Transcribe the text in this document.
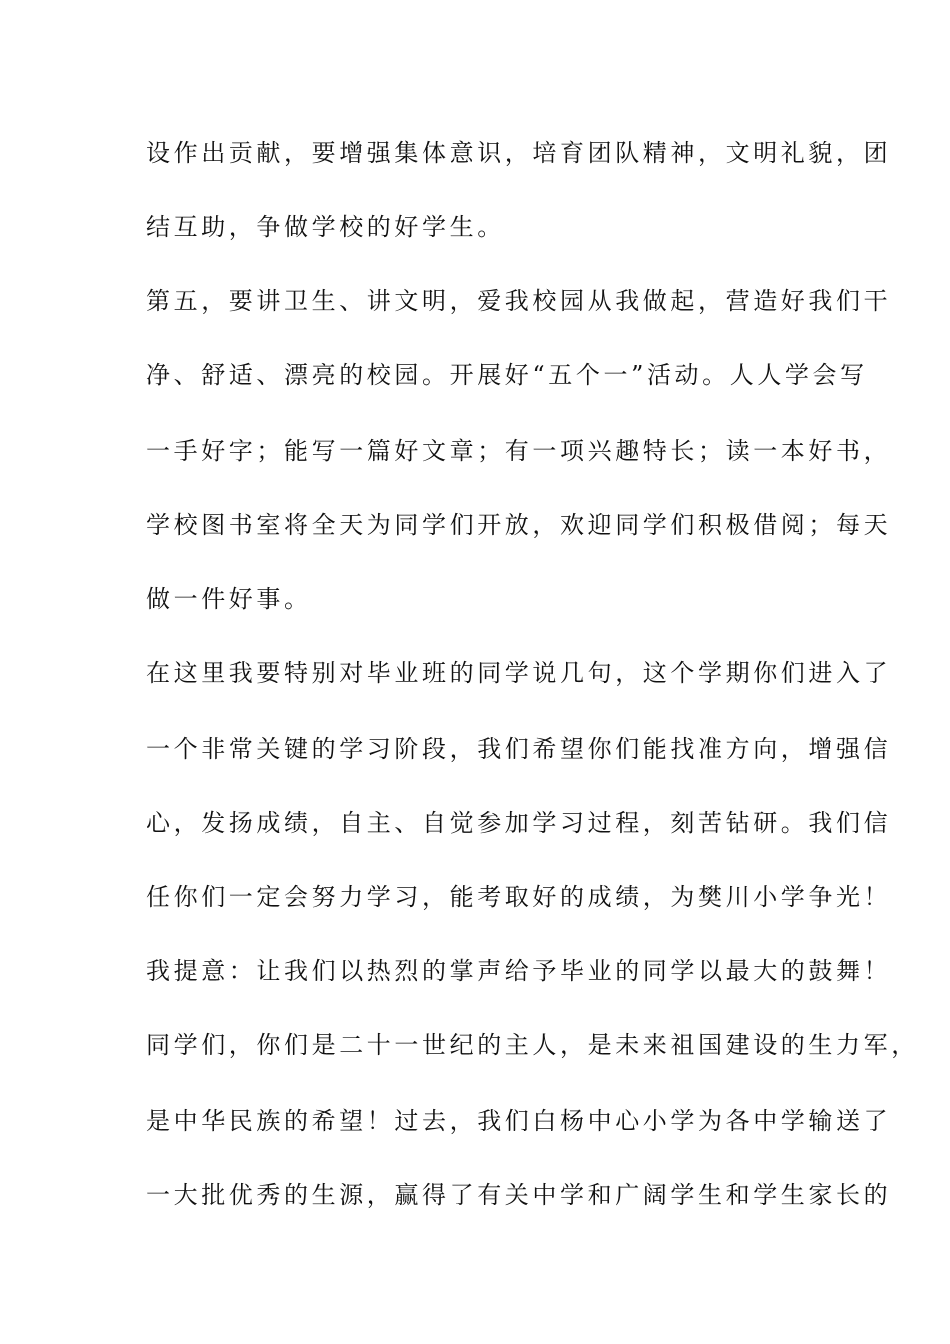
设作出贡献，要增强集体意识，培育团队精神，文明礼貌，团
结互助，争做学校的好学生。
第五，要讲卫生、讲文明，爱我校园从我做起，营造好我们干
净、舒适、漂亮的校园。开展好“五个一”活动。人人学会写
一手好字；能写一篇好文章；有一项兴趣特长；读一本好书，
学校图书室将全天为同学们开放，欢迎同学们积极借阅；每天
做一件好事。
在这里我要特别对毕业班的同学说几句，这个学期你们进入了
一个非常关键的学习阶段，我们希望你们能找准方向，增强信
心，发扬成绩，自主、自觉参加学习过程，刻苦钻研。我们信
任你们一定会努力学习，能考取好的成绩，为樊川小学争光！
我提意：让我们以热烈的掌声给予毕业的同学以最大的鼓舞！
同学们，你们是二十一世纪的主人，是未来祖国建设的生力军，
是中华民族的希望！过去，我们白杨中心小学为各中学输送了
一大批优秀的生源，赢得了有关中学和广阔学生和学生家长的
